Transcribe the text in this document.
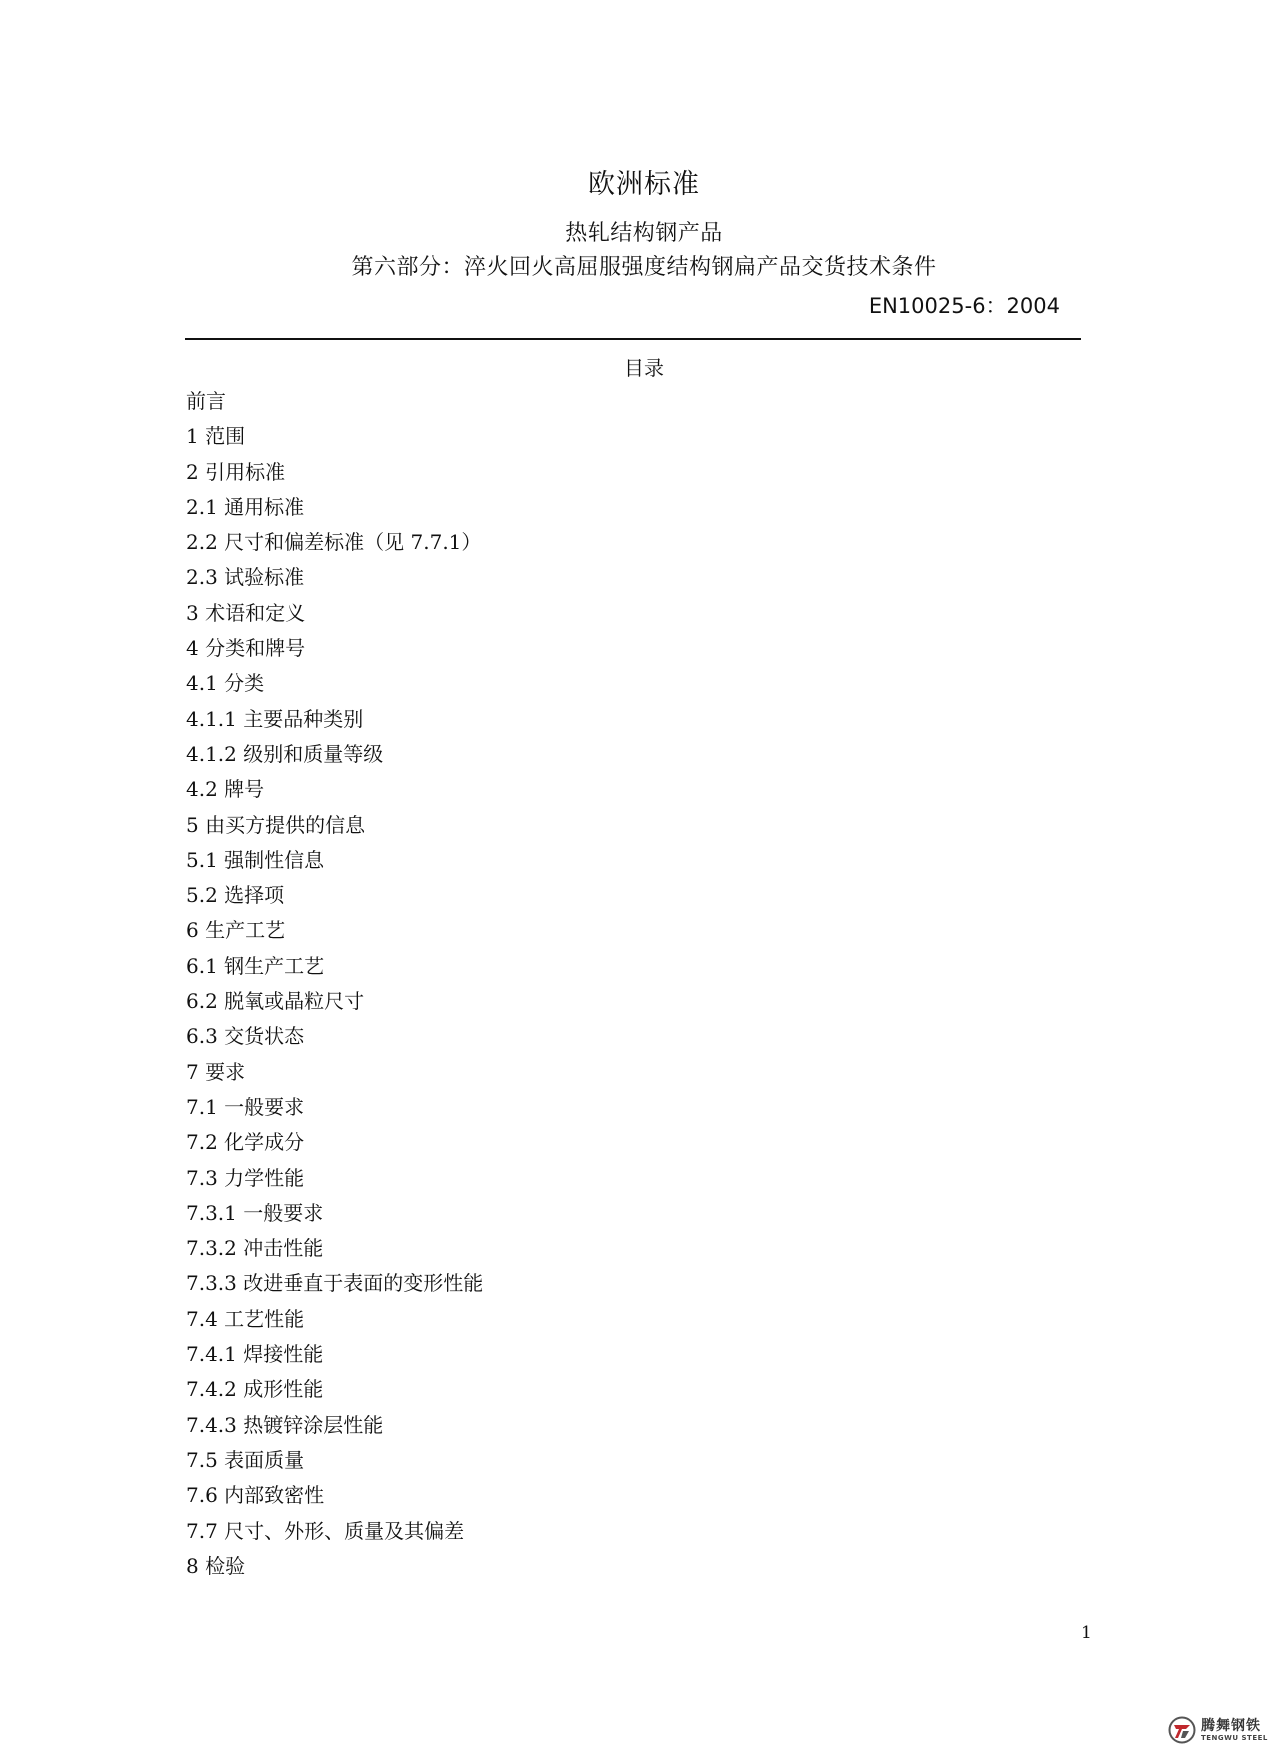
欧洲标准
热轧结构钢产品
第六部分：淬火回火高屈服强度结构钢扁产品交货技术条件
EN10025-6：2004
目录
前言
1 范围
2 引用标准
2.1 通用标准
2.2 尺寸和偏差标准（见 7.7.1）
2.3 试验标准
3 术语和定义
4 分类和牌号
4.1 分类
4.1.1 主要品种类别
4.1.2 级别和质量等级
4.2 牌号
5 由买方提供的信息
5.1 强制性信息
5.2 选择项
6 生产工艺
6.1 钢生产工艺
6.2 脱氧或晶粒尺寸
6.3 交货状态
7 要求
7.1 一般要求
7.2 化学成分
7.3 力学性能
7.3.1 一般要求
7.3.2 冲击性能
7.3.3 改进垂直于表面的变形性能
7.4 工艺性能
7.4.1 焊接性能
7.4.2 成形性能
7.4.3 热镀锌涂层性能
7.5 表面质量
7.6 内部致密性
7.7 尺寸、外形、质量及其偏差
8 检验
1
腾舞钢铁
TENGWU STEEL
